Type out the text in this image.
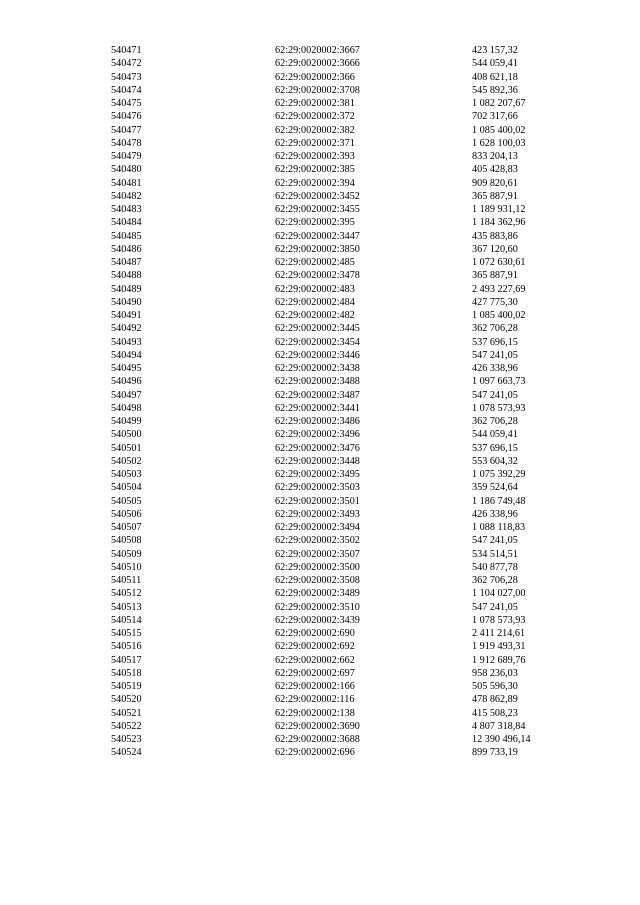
540471	62:29:0020002:3667	423 157,32
540472	62:29:0020002:3666	544 059,41
540473	62:29:0020002:366	408 621,18
540474	62:29:0020002:3708	545 892,36
540475	62:29:0020002:381	1 082 207,67
540476	62:29:0020002:372	702 317,66
540477	62:29:0020002:382	1 085 400,02
540478	62:29:0020002:371	1 628 100,03
540479	62:29:0020002:393	833 204,13
540480	62:29:0020002:385	405 428,83
540481	62:29:0020002:394	909 820,61
540482	62:29:0020002:3452	365 887,91
540483	62:29:0020002:3455	1 189 931,12
540484	62:29:0020002:395	1 184 362,96
540485	62:29:0020002:3447	435 883,86
540486	62:29:0020002:3850	367 120,60
540487	62:29:0020002:485	1 072 630,61
540488	62:29:0020002:3478	365 887,91
540489	62:29:0020002:483	2 493 227,69
540490	62:29:0020002:484	427 775,30
540491	62:29:0020002:482	1 085 400,02
540492	62:29:0020002:3445	362 706,28
540493	62:29:0020002:3454	537 696,15
540494	62:29:0020002:3446	547 241,05
540495	62:29:0020002:3438	426 338,96
540496	62:29:0020002:3488	1 097 663,73
540497	62:29:0020002:3487	547 241,05
540498	62:29:0020002:3441	1 078 573,93
540499	62:29:0020002:3486	362 706,28
540500	62:29:0020002:3496	544 059,41
540501	62:29:0020002:3476	537 696,15
540502	62:29:0020002:3448	553 604,32
540503	62:29:0020002:3495	1 075 392,29
540504	62:29:0020002:3503	359 524,64
540505	62:29:0020002:3501	1 186 749,48
540506	62:29:0020002:3493	426 338,96
540507	62:29:0020002:3494	1 088 118,83
540508	62:29:0020002:3502	547 241,05
540509	62:29:0020002:3507	534 514,51
540510	62:29:0020002:3500	540 877,78
540511	62:29:0020002:3508	362 706,28
540512	62:29:0020002:3489	1 104 027,00
540513	62:29:0020002:3510	547 241,05
540514	62:29:0020002:3439	1 078 573,93
540515	62:29:0020002:690	2 411 214,61
540516	62:29:0020002:692	1 919 493,31
540517	62:29:0020002:662	1 912 689,76
540518	62:29:0020002:697	958 236,03
540519	62:29:0020002:166	505 596,30
540520	62:29:0020002:116	478 862,89
540521	62:29:0020002:138	415 508,23
540522	62:29:0020002:3690	4 807 318,84
540523	62:29:0020002:3688	12 390 496,14
540524	62:29:0020002:696	899 733,19
